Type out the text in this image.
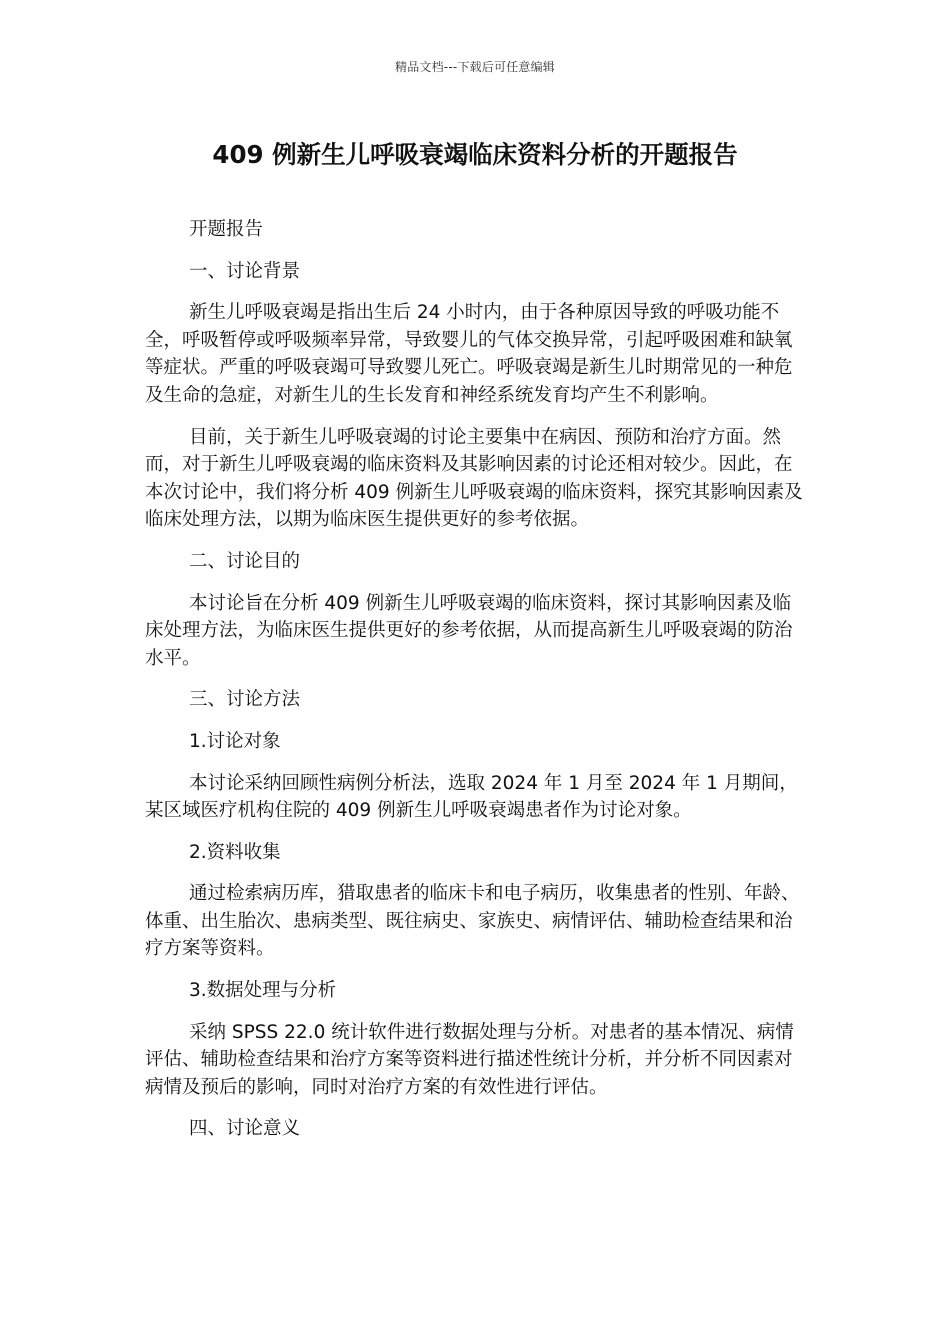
精品文档---下载后可任意编辑
409 例新生儿呼吸衰竭临床资料分析的开题报告

开题报告

一、讨论背景

新生儿呼吸衰竭是指出生后 24 小时内，由于各种原因导致的呼吸功能不全，呼吸暂停或呼吸频率异常，导致婴儿的气体交换异常，引起呼吸困难和缺氧等症状。严重的呼吸衰竭可导致婴儿死亡。呼吸衰竭是新生儿时期常见的一种危及生命的急症，对新生儿的生长发育和神经系统发育均产生不利影响。

目前，关于新生儿呼吸衰竭的讨论主要集中在病因、预防和治疗方面。然而，对于新生儿呼吸衰竭的临床资料及其影响因素的讨论还相对较少。因此，在本次讨论中，我们将分析 409 例新生儿呼吸衰竭的临床资料，探究其影响因素及临床处理方法，以期为临床医生提供更好的参考依据。

二、讨论目的

本讨论旨在分析 409 例新生儿呼吸衰竭的临床资料，探讨其影响因素及临床处理方法，为临床医生提供更好的参考依据，从而提高新生儿呼吸衰竭的防治水平。

三、讨论方法

1.讨论对象

本讨论采纳回顾性病例分析法，选取 2024 年 1 月至 2024 年 1 月期间，某区域医疗机构住院的 409 例新生儿呼吸衰竭患者作为讨论对象。

2.资料收集

通过检索病历库，猎取患者的临床卡和电子病历，收集患者的性别、年龄、体重、出生胎次、患病类型、既往病史、家族史、病情评估、辅助检查结果和治疗方案等资料。

3.数据处理与分析

采纳 SPSS 22.0 统计软件进行数据处理与分析。对患者的基本情况、病情评估、辅助检查结果和治疗方案等资料进行描述性统计分析，并分析不同因素对病情及预后的影响，同时对治疗方案的有效性进行评估。

四、讨论意义
